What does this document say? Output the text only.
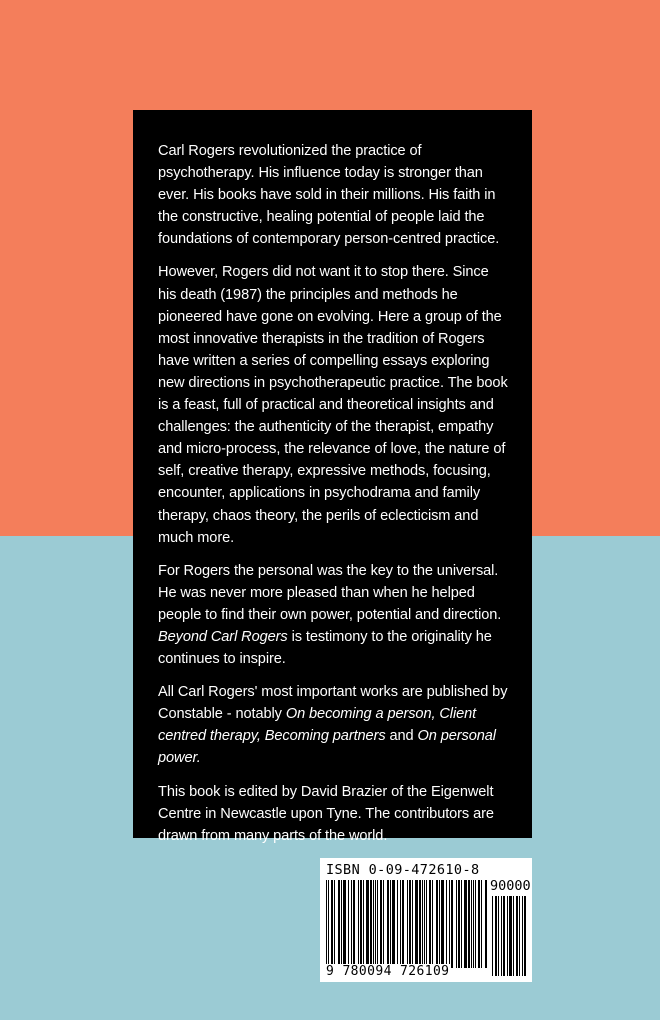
Carl Rogers revolutionized the practice of psychotherapy. His influence today is stronger than ever. His books have sold in their millions. His faith in the constructive, healing potential of people laid the foundations of contemporary person-centred practice.

However, Rogers did not want it to stop there. Since his death (1987) the principles and methods he pioneered have gone on evolving. Here a group of the most innovative therapists in the tradition of Rogers have written a series of compelling essays exploring new directions in psychotherapeutic practice. The book is a feast, full of practical and theoretical insights and challenges: the authenticity of the therapist, empathy and micro-process, the relevance of love, the nature of self, creative therapy, expressive methods, focusing, encounter, applications in psychodrama and family therapy, chaos theory, the perils of eclecticism and much more.

For Rogers the personal was the key to the universal. He was never more pleased than when he helped people to find their own power, potential and direction. Beyond Carl Rogers is testimony to the originality he continues to inspire.

All Carl Rogers' most important works are published by Constable - notably On becoming a person, Client centred therapy, Becoming partners and On personal power.

This book is edited by David Brazier of the Eigenwelt Centre in Newcastle upon Tyne. The contributors are drawn from many parts of the world.

ISBN 0-09-472610-8
90000
9 780094 726109
